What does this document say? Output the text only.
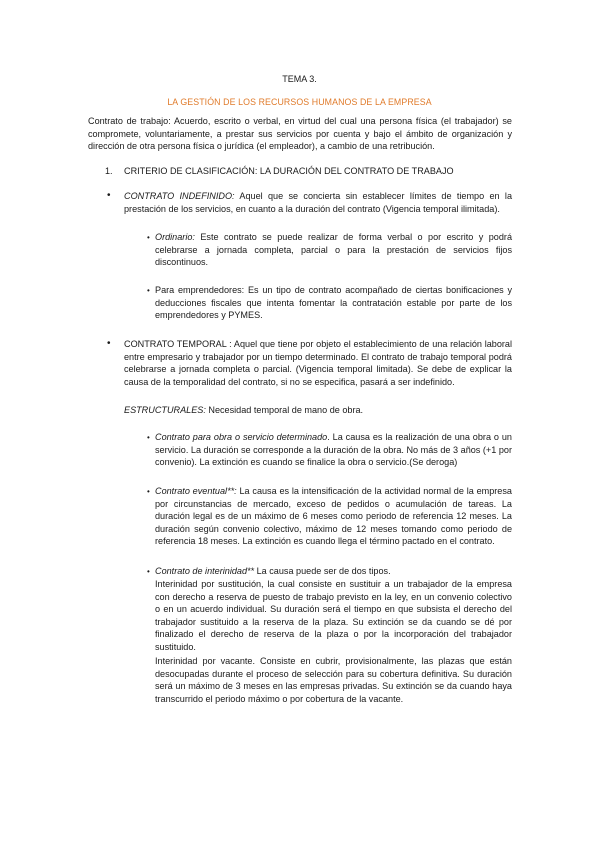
TEMA 3.
LA GESTIÓN DE LOS RECURSOS HUMANOS DE LA EMPRESA

Contrato de trabajo: Acuerdo, escrito o verbal, en virtud del cual una persona física (el trabajador) se compromete, voluntariamente, a prestar sus servicios por cuenta y bajo el ámbito de organización y dirección de otra persona física o jurídica (el empleador), a cambio de una retribución.

1. CRITERIO DE CLASIFICACIÓN: LA DURACIÓN DEL CONTRATO DE TRABAJO

• CONTRATO INDEFINIDO: Aquel que se concierta sin establecer límites de tiempo en la prestación de los servicios, en cuanto a la duración del contrato (Vigencia temporal ilimitada).

• Ordinario: Este contrato se puede realizar de forma verbal o por escrito y podrá celebrarse a jornada completa, parcial o para la prestación de servicios fijos discontinuos.

• Para emprendedores: Es un tipo de contrato acompañado de ciertas bonificaciones y deducciones fiscales que intenta fomentar la contratación estable por parte de los emprendedores y PYMES.

• CONTRATO TEMPORAL : Aquel que tiene por objeto el establecimiento de una relación laboral entre empresario y trabajador por un tiempo determinado. El contrato de trabajo temporal podrá celebrarse a jornada completa o parcial. (Vigencia temporal limitada). Se debe de explicar la causa de la temporalidad del contrato, si no se especifica, pasará a ser indefinido.

ESTRUCTURALES: Necesidad temporal de mano de obra.

• Contrato para obra o servicio determinado. La causa es la realización de una obra o un servicio. La duración se corresponde a la duración de la obra. No más de 3 años (+1 por convenio). La extinción es cuando se finalice la obra o servicio.(Se deroga)

• Contrato eventual**: La causa es la intensificación de la actividad normal de la empresa por circunstancias de mercado, exceso de pedidos o acumulación de tareas. La duración legal es de un máximo de 6 meses como periodo de referencia 12 meses. La duración según convenio colectivo, máximo de 12 meses tomando como periodo de referencia 18 meses. La extinción es cuando llega el término pactado en el contrato.

• Contrato de interinidad** La causa puede ser de dos tipos.

Interinidad por sustitución, la cual consiste en sustituir a un trabajador de la empresa con derecho a reserva de puesto de trabajo previsto en la ley, en un convenio colectivo o en un acuerdo individual. Su duración será el tiempo en que subsista el derecho del trabajador sustituido a la reserva de la plaza. Su extinción se da cuando se dé por finalizado el derecho de reserva de la plaza o por la incorporación del trabajador sustituido.

Interinidad por vacante. Consiste en cubrir, provisionalmente, las plazas que están desocupadas durante el proceso de selección para su cobertura definitiva. Su duración será un máximo de 3 meses en las empresas privadas. Su extinción se da cuando haya transcurrido el periodo máximo o por cobertura de la vacante.
